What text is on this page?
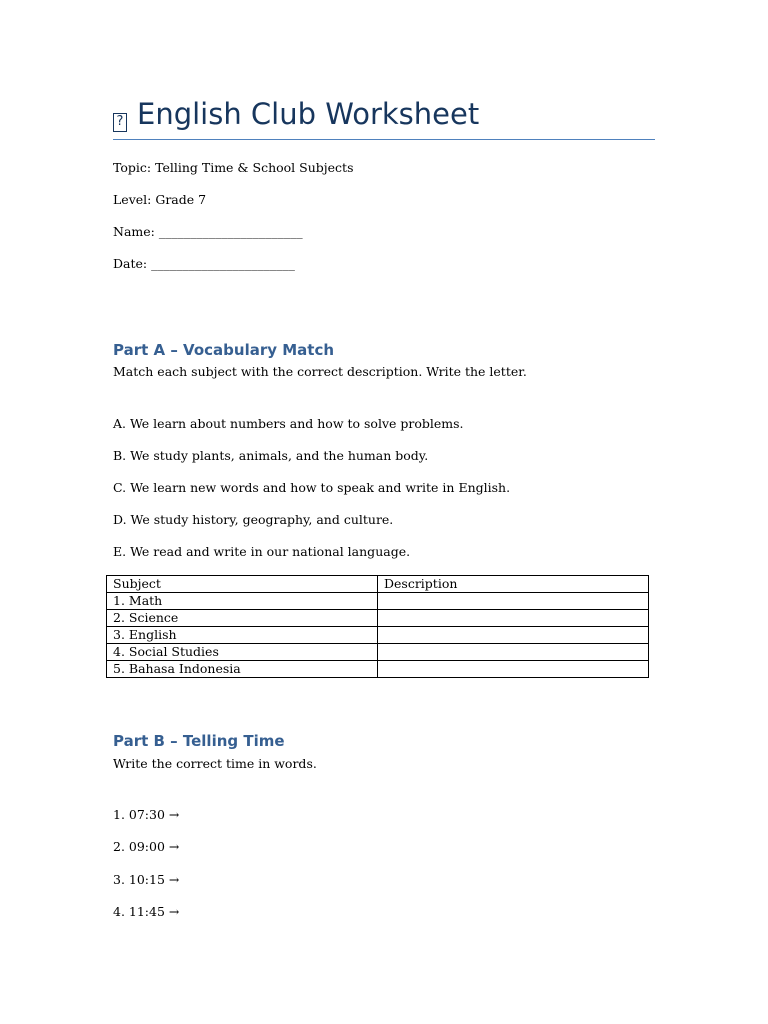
? English Club Worksheet
Topic: Telling Time & School Subjects
Level: Grade 7
Name: _______________________
Date: _______________________
Part A – Vocabulary Match
Match each subject with the correct description. Write the letter.
A. We learn about numbers and how to solve problems.
B. We study plants, animals, and the human body.
C. We learn new words and how to speak and write in English.
D. We study history, geography, and culture.
E. We read and write in our national language.
Subject	Description
1. Math	
2. Science	
3. English	
4. Social Studies	
5. Bahasa Indonesia	
Part B – Telling Time
Write the correct time in words.
1. 07:30 →
2. 09:00 →
3. 10:15 →
4. 11:45 →
